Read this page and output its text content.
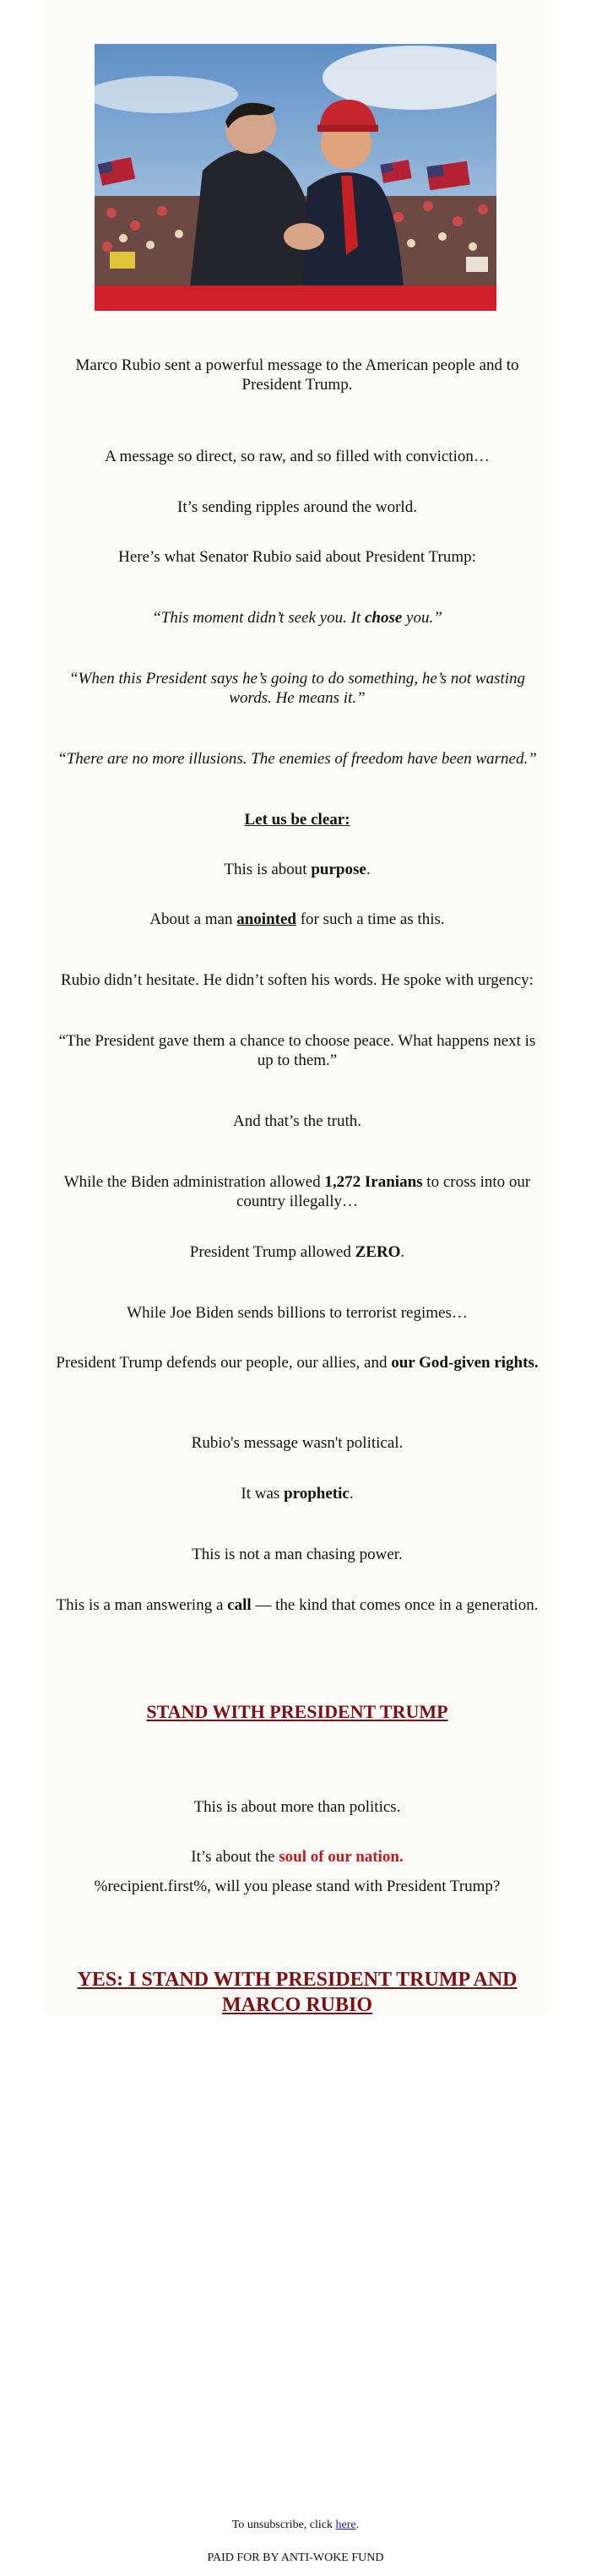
Marco Rubio sent a powerful message to the American people and to President Trump.

A message so direct, so raw, and so filled with conviction…

It’s sending ripples around the world.

Here’s what Senator Rubio said about President Trump:

“This moment didn’t seek you. It chose you.”

“When this President says he’s going to do something, he’s not wasting words. He means it.”

“There are no more illusions. The enemies of freedom have been warned.”

Let us be clear:

This is about purpose.

About a man anointed for such a time as this.

Rubio didn’t hesitate. He didn’t soften his words. He spoke with urgency:

“The President gave them a chance to choose peace. What happens next is up to them.”

And that’s the truth.

While the Biden administration allowed 1,272 Iranians to cross into our country illegally…

President Trump allowed ZERO.

While Joe Biden sends billions to terrorist regimes…

President Trump defends our people, our allies, and our God-given rights.

Rubio's message wasn't political.

It was prophetic.

This is not a man chasing power.

This is a man answering a call — the kind that comes once in a generation.

STAND WITH PRESIDENT TRUMP

This is about more than politics.

It’s about the soul of our nation.

%recipient.first%, will you please stand with President Trump?

YES: I STAND WITH PRESIDENT TRUMP AND MARCO RUBIO
To unsubscribe, click here.
PAID FOR BY ANTI-WOKE FUND
